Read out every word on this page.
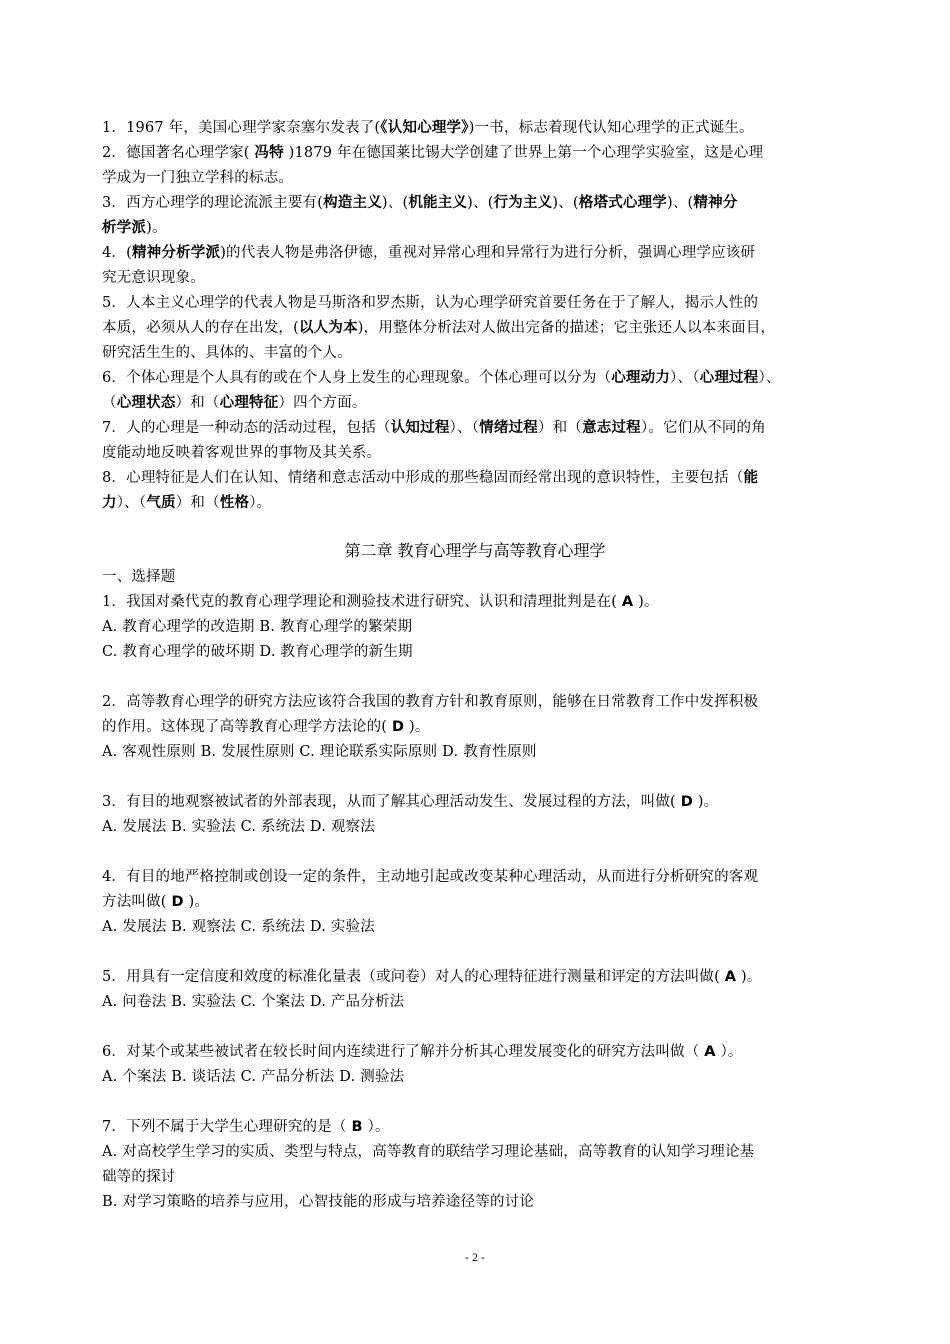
1．1967 年，美国心理学家奈塞尔发表了(《认知心理学》)一书，标志着现代认知心理学的正式诞生。
2．德国著名心理学家( 冯特 )1879 年在德国莱比锡大学创建了世界上第一个心理学实验室，这是心理
学成为一门独立学科的标志。
3．西方心理学的理论流派主要有(构造主义)、(机能主义)、(行为主义)、(格塔式心理学)、(精神分
析学派)。
4．(精神分析学派)的代表人物是弗洛伊德，重视对异常心理和异常行为进行分析，强调心理学应该研
究无意识现象。
5．人本主义心理学的代表人物是马斯洛和罗杰斯，认为心理学研究首要任务在于了解人，揭示人性的
本质，必须从人的存在出发，(以人为本)，用整体分析法对人做出完备的描述；它主张还人以本来面目，
研究活生生的、具体的、丰富的个人。
6．个体心理是个人具有的或在个人身上发生的心理现象。个体心理可以分为（心理动力）、（心理过程）、
（心理状态）和（心理特征）四个方面。
7．人的心理是一种动态的活动过程，包括（认知过程）、（情绪过程）和（意志过程）。它们从不同的角
度能动地反映着客观世界的事物及其关系。
8．心理特征是人们在认知、情绪和意志活动中形成的那些稳固而经常出现的意识特性，主要包括（能
力）、（气质）和（性格）。
第二章 教育心理学与高等教育心理学
一、选择题
1．我国对桑代克的教育心理学理论和测验技术进行研究、认识和清理批判是在( A )。
A. 教育心理学的改造期 B. 教育心理学的繁荣期
C. 教育心理学的破坏期 D. 教育心理学的新生期
2．高等教育心理学的研究方法应该符合我国的教育方针和教育原则，能够在日常教育工作中发挥积极
的作用。这体现了高等教育心理学方法论的( D )。
A. 客观性原则 B. 发展性原则 C. 理论联系实际原则 D. 教育性原则
3．有目的地观察被试者的外部表现，从而了解其心理活动发生、发展过程的方法，叫做( D )。
A. 发展法 B. 实验法 C. 系统法 D. 观察法
4．有目的地严格控制或创设一定的条件，主动地引起或改变某种心理活动，从而进行分析研究的客观
方法叫做( D )。
A. 发展法 B. 观察法 C. 系统法 D. 实验法
5．用具有一定信度和效度的标准化量表（或问卷）对人的心理特征进行测量和评定的方法叫做( A )。
A. 问卷法 B. 实验法 C. 个案法 D. 产品分析法
6．对某个或某些被试者在较长时间内连续进行了解并分析其心理发展变化的研究方法叫做（ A ）。
A. 个案法 B. 谈话法 C. 产品分析法 D. 测验法
7．下列不属于大学生心理研究的是（ B ）。
A. 对高校学生学习的实质、类型与特点，高等教育的联结学习理论基础，高等教育的认知学习理论基
础等的探讨
B. 对学习策略的培养与应用，心智技能的形成与培养途径等的讨论
- 2 -
